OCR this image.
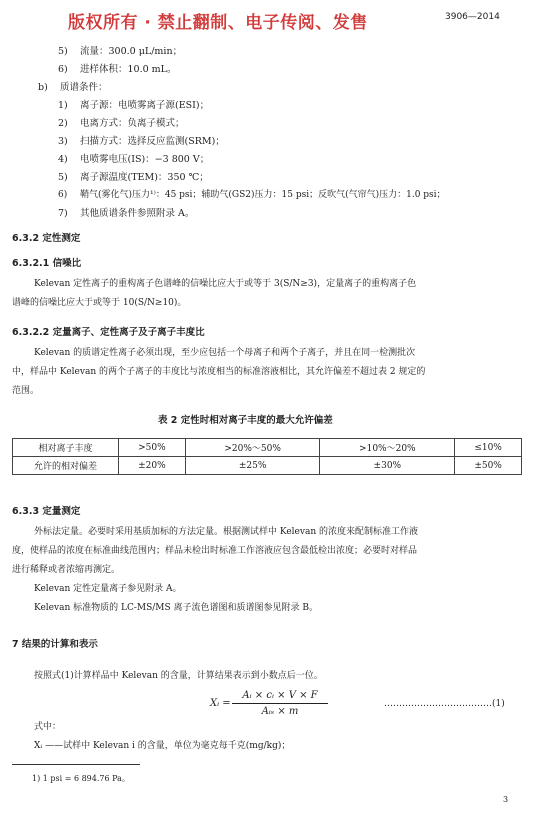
版权所有 · 禁止翻制、电子传阅、发售	3906—2014
5) 流量：300.0 μL/min；
6) 进样体积：10.0 mL。
b) 质谱条件：
1) 离子源：电喷雾离子源(ESI)；
2) 电离方式：负离子模式；
3) 扫描方式：选择反应监测(SRM)；
4) 电喷雾电压(IS)：−3 800 V；
5) 离子源温度(TEM)：350 ℃；
6) 鞘气(雾化气)压力¹⁾：45 psi；辅助气(GS2)压力：15 psi；反吹气(气帘气)压力：1.0 psi；
7) 其他质谱条件参照附录 A。
6.3.2 定性测定
6.3.2.1 信噪比
Kelevan 定性离子的重构离子色谱峰的信噪比应大于或等于 3(S/N≥3)，定量离子的重构离子色
谱峰的信噪比应大于或等于 10(S/N≥10)。
6.3.2.2 定量离子、定性离子及子离子丰度比
Kelevan 的质谱定性离子必须出现，至少应包括一个母离子和两个子离子，并且在同一检测批次
中，样品中 Kelevan 的两个子离子的丰度比与浓度相当的标准溶液相比，其允许偏差不超过表 2 规定的
范围。
表 2 定性时相对离子丰度的最大允许偏差
相对离子丰度	>50%	>20%～50%	>10%～20%	≤10%
允许的相对偏差	±20%	±25%	±30%	±50%
6.3.3 定量测定
外标法定量。必要时采用基质加标的方法定量。根据测试样中 Kelevan 的浓度来配制标准工作液
度，使样品的浓度在标准曲线范围内；样品未检出时标准工作溶液应包含最低检出浓度；必要时对样品
进行稀释或者浓缩再测定。
Kelevan 定性定量离子参见附录 A。
Kelevan 标准物质的 LC-MS/MS 离子流色谱图和质谱图参见附录 B。
7 结果的计算和表示
按照式(1)计算样品中 Kelevan 的含量，计算结果表示到小数点后一位。
Xᵢ =
Aᵢ × cᵢ × V × F
Aᵢₛ × m
………………………………(1)
式中：
Xᵢ ——试样中 Kelevan i 的含量，单位为毫克每千克(mg/kg)；
1) 1 psi = 6 894.76 Pa。
3
